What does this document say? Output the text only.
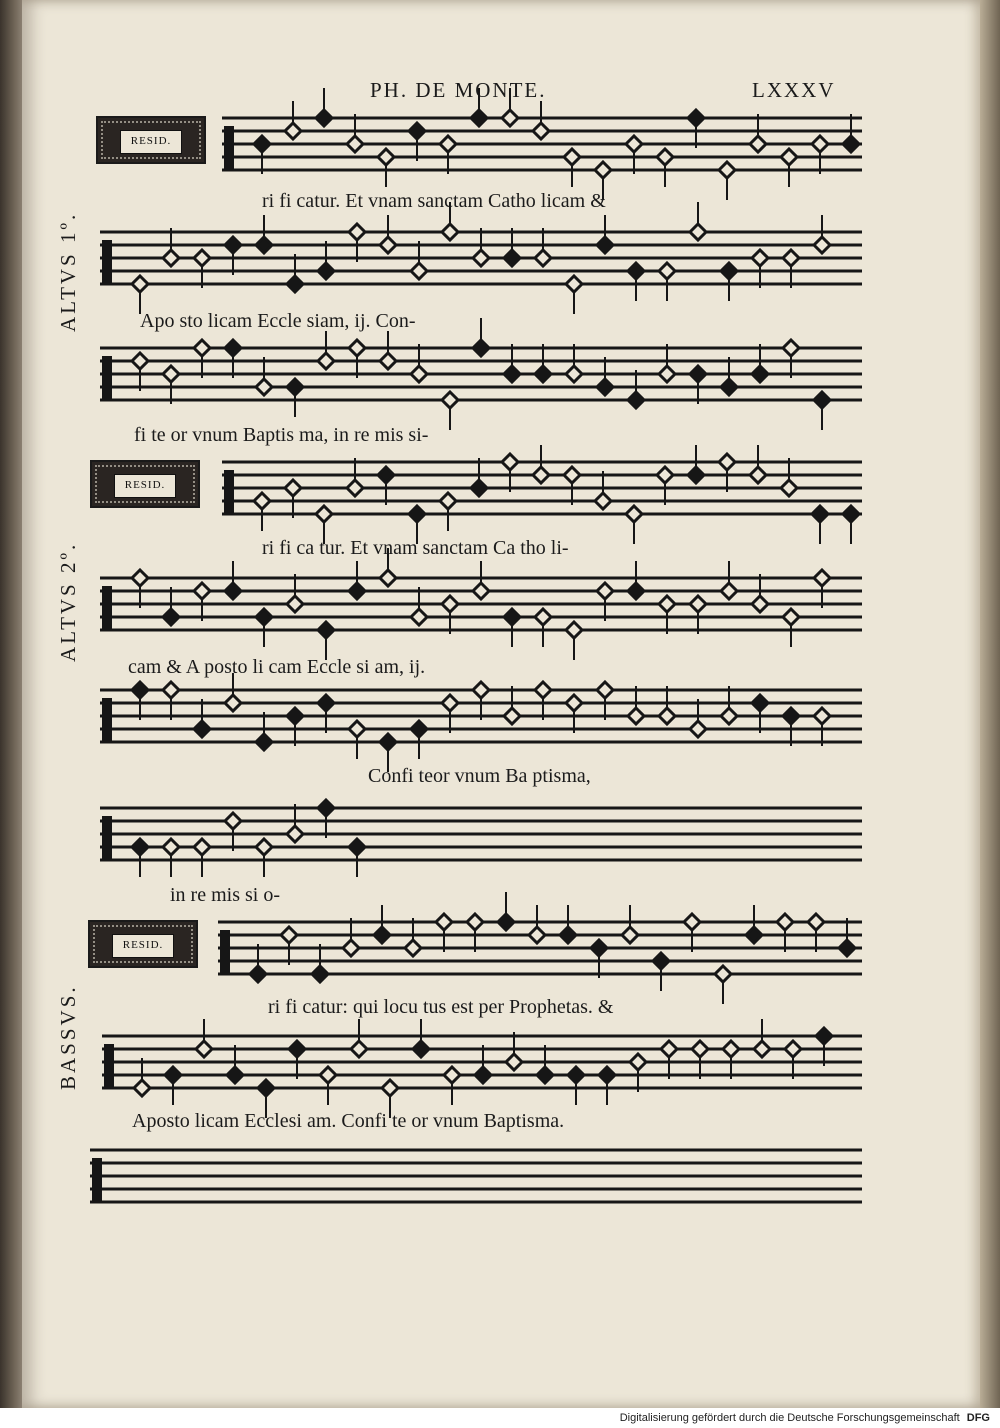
PH. DE MONTE.	LXXXV
ALTVS 1º.
ALTVS 2º.
BASSVS.
RESID.
RESID.
RESID.
ri fi catur. Et vnam sanctam Catho licam &
Apo sto licam Eccle siam, ij. Con-
fi te or vnum Baptis ma, in re mis si-
ri fi ca tur. Et vnam sanctam Ca tho li-
cam & A posto li cam Eccle si am, ij.
Confi teor vnum Ba ptisma,
in re mis si o-
ri fi catur: qui locu tus est per Prophetas. &
Aposto licam Ecclesi am. Confi te or vnum Baptisma.
Digitalisierung gefördert durch die Deutsche Forschungsgemeinschaft DFG
